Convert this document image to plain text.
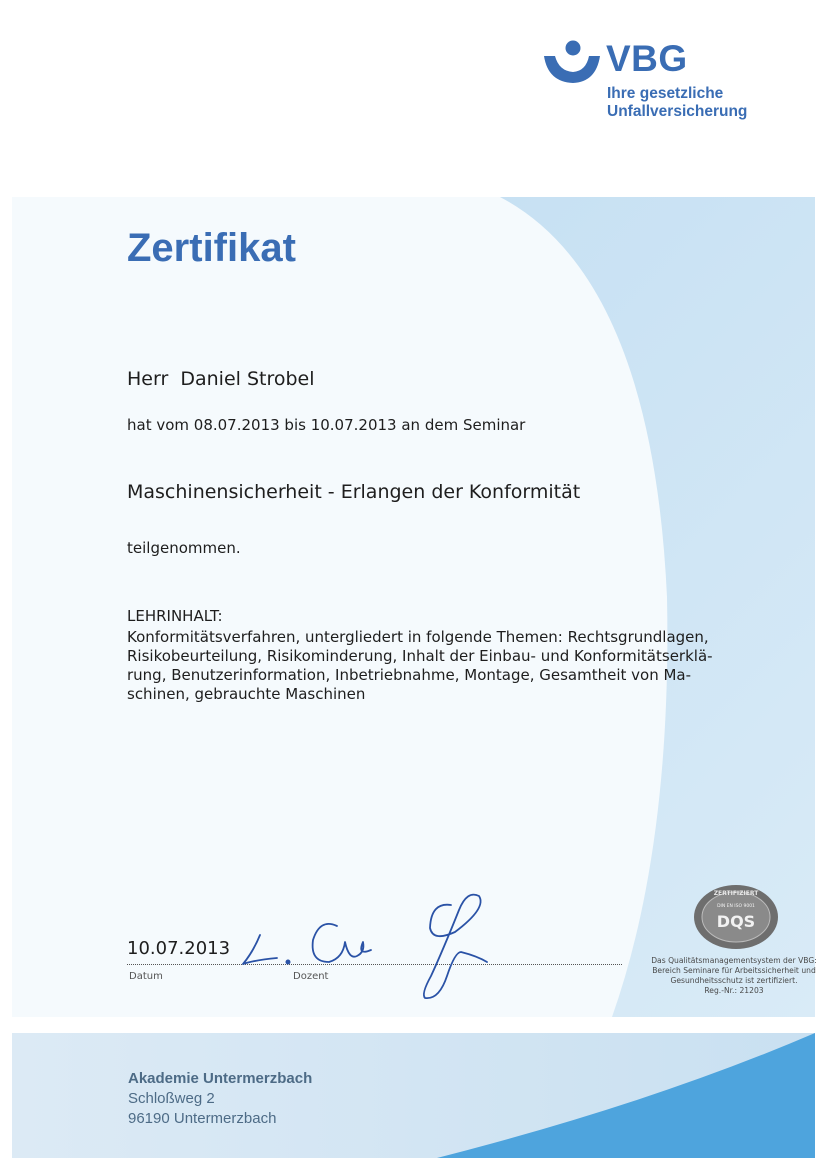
VBG
Ihre gesetzliche
Unfallversicherung
Zertifikat
Herr  Daniel Strobel
hat vom 08.07.2013 bis 10.07.2013 an dem Seminar
Maschinensicherheit - Erlangen der Konformität
teilgenommen.
LEHRINHALT:
Konformitätsverfahren, untergliedert in folgende Themen: Rechtsgrundlagen,
Risikobeurteilung, Risikominderung, Inhalt der Einbau- und Konformitätserklä-
rung, Benutzerinformation, Inbetriebnahme, Montage, Gesamtheit von Ma-
schinen, gebrauchte Maschinen
10.07.2013
Datum	Dozent
ZERTIFIZIERT
DIN EN ISO 9001
DQS
Das Qualitätsmanagementsystem der VBG:
Bereich Seminare für Arbeitssicherheit und
Gesundheitsschutz ist zertifiziert.
Reg.-Nr.: 21203
Akademie Untermerzbach
Schloßweg 2
96190 Untermerzbach
